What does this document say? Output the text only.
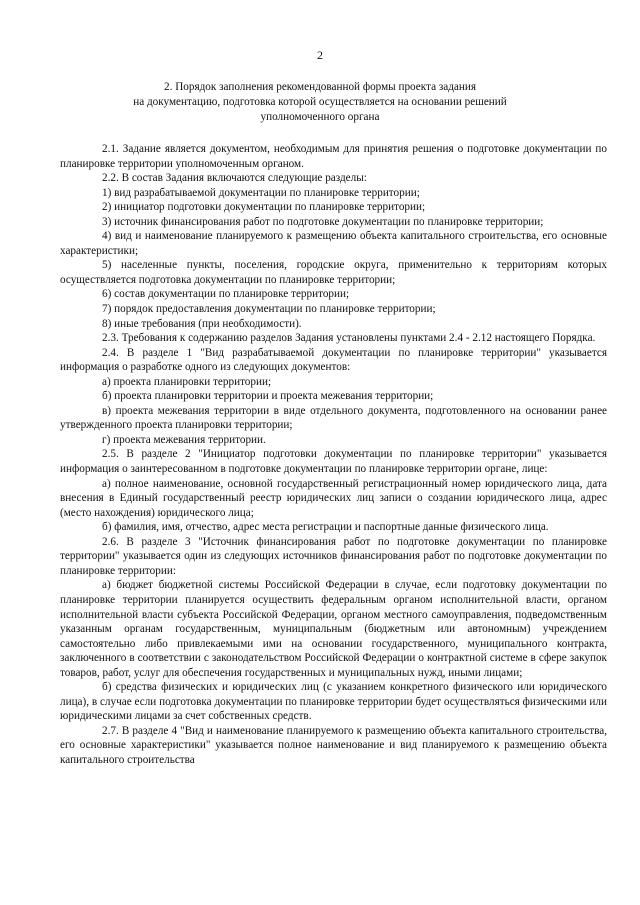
2
2. Порядок заполнения рекомендованной формы проекта задания
на документацию, подготовка которой осуществляется на основании решений
уполномоченного органа

2.1. Задание является документом, необходимым для принятия решения о подготовке документации по планировке территории уполномоченным органом.

2.2. В состав Задания включаются следующие разделы:

1) вид разрабатываемой документации по планировке территории;

2) инициатор подготовки документации по планировке территории;

3) источник финансирования работ по подготовке документации по планировке территории;

4) вид и наименование планируемого к размещению объекта капитального строительства, его основные характеристики;

5) населенные пункты, поселения, городские округа, применительно к территориям которых осуществляется подготовка документации по планировке территории;

6) состав документации по планировке территории;

7) порядок предоставления документации по планировке территории;

8) иные требования (при необходимости).

2.3. Требования к содержанию разделов Задания установлены пунктами 2.4 - 2.12 настоящего Порядка.

2.4. В разделе 1 "Вид разрабатываемой документации по планировке территории" указывается информация о разработке одного из следующих документов:

а) проекта планировки территории;

б) проекта планировки территории и проекта межевания территории;

в) проекта межевания территории в виде отдельного документа, подготовленного на основании ранее утвержденного проекта планировки территории;

г) проекта межевания территории.

2.5. В разделе 2 "Инициатор подготовки документации по планировке территории" указывается информация о заинтересованном в подготовке документации по планировке территории органе, лице:

а) полное наименование, основной государственный регистрационный номер юридического лица, дата внесения в Единый государственный реестр юридических лиц записи о создании юридического лица, адрес (место нахождения) юридического лица;

б) фамилия, имя, отчество, адрес места регистрации и паспортные данные физического лица.

2.6. В разделе 3 "Источник финансирования работ по подготовке документации по планировке территории" указывается один из следующих источников финансирования работ по подготовке документации по планировке территории:

а) бюджет бюджетной системы Российской Федерации в случае, если подготовку документации по планировке территории планируется осуществить федеральным органом исполнительной власти, органом исполнительной власти субъекта Российской Федерации, органом местного самоуправления, подведомственным указанным органам государственным, муниципальным (бюджетным или автономным) учреждением самостоятельно либо привлекаемыми ими на основании государственного, муниципального контракта, заключенного в соответствии с законодательством Российской Федерации о контрактной системе в сфере закупок товаров, работ, услуг для обеспечения государственных и муниципальных нужд, иными лицами;

б) средства физических и юридических лиц (с указанием конкретного физического или юридического лица), в случае если подготовка документации по планировке территории будет осуществляться физическими или юридическими лицами за счет собственных средств.

2.7. В разделе 4 "Вид и наименование планируемого к размещению объекта капитального строительства, его основные характеристики" указывается полное наименование и вид планируемого к размещению объекта капитального строительства
